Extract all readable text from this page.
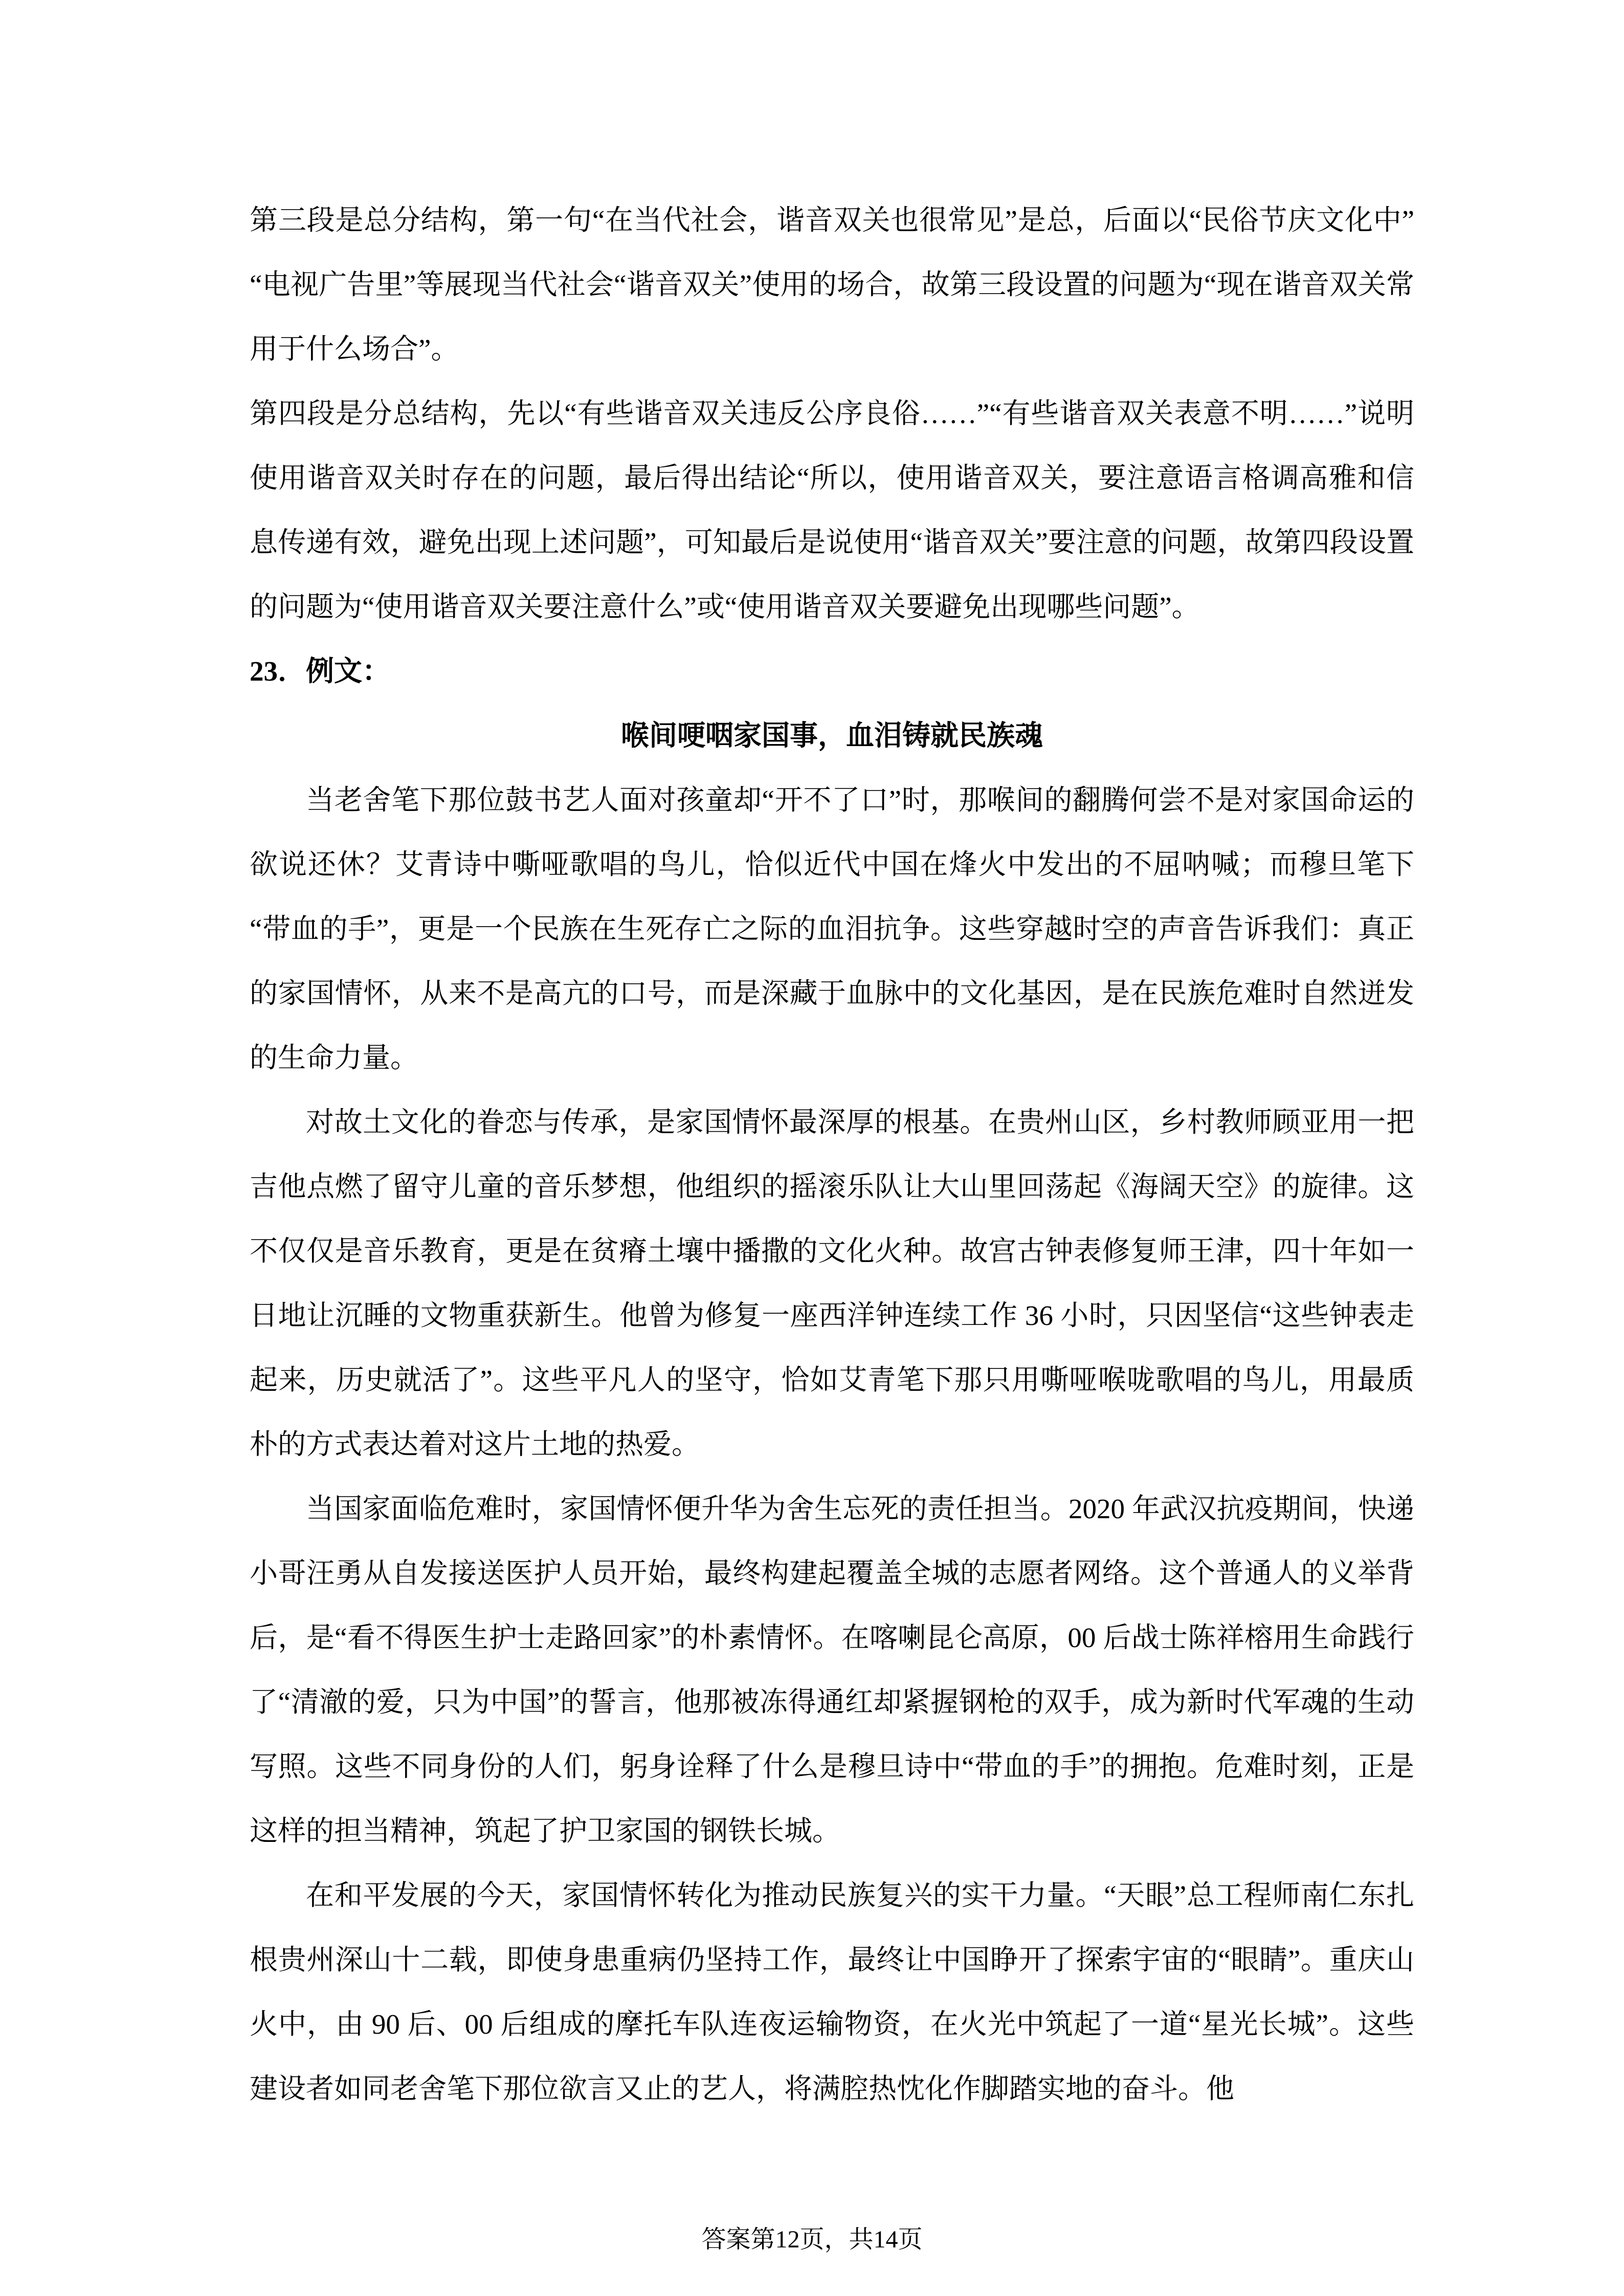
第三段是总分结构，第一句“在当代社会，谐音双关也很常见”是总，后面以“民俗节庆文化中”“电视广告里”等展现当代社会“谐音双关”使用的场合，故第三段设置的问题为“现在谐音双关常用于什么场合”。

第四段是分总结构，先以“有些谐音双关违反公序良俗……”“有些谐音双关表意不明……”说明使用谐音双关时存在的问题，最后得出结论“所以，使用谐音双关，要注意语言格调高雅和信息传递有效，避免出现上述问题”，可知最后是说使用“谐音双关”要注意的问题，故第四段设置的问题为“使用谐音双关要注意什么”或“使用谐音双关要避免出现哪些问题”。

23．例文：

喉间哽咽家国事，血泪铸就民族魂

当老舍笔下那位鼓书艺人面对孩童却“开不了口”时，那喉间的翻腾何尝不是对家国命运的欲说还休？艾青诗中嘶哑歌唱的鸟儿，恰似近代中国在烽火中发出的不屈呐喊；而穆旦笔下“带血的手”，更是一个民族在生死存亡之际的血泪抗争。这些穿越时空的声音告诉我们：真正的家国情怀，从来不是高亢的口号，而是深藏于血脉中的文化基因，是在民族危难时自然迸发的生命力量。

对故土文化的眷恋与传承，是家国情怀最深厚的根基。在贵州山区，乡村教师顾亚用一把吉他点燃了留守儿童的音乐梦想，他组织的摇滚乐队让大山里回荡起《海阔天空》的旋律。这不仅仅是音乐教育，更是在贫瘠土壤中播撒的文化火种。故宫古钟表修复师王津，四十年如一日地让沉睡的文物重获新生。他曾为修复一座西洋钟连续工作 36 小时，只因坚信“这些钟表走起来，历史就活了”。这些平凡人的坚守，恰如艾青笔下那只用嘶哑喉咙歌唱的鸟儿，用最质朴的方式表达着对这片土地的热爱。

当国家面临危难时，家国情怀便升华为舍生忘死的责任担当。2020 年武汉抗疫期间，快递小哥汪勇从自发接送医护人员开始，最终构建起覆盖全城的志愿者网络。这个普通人的义举背后，是“看不得医生护士走路回家”的朴素情怀。在喀喇昆仑高原，00 后战士陈祥榕用生命践行了“清澈的爱，只为中国”的誓言，他那被冻得通红却紧握钢枪的双手，成为新时代军魂的生动写照。这些不同身份的人们，躬身诠释了什么是穆旦诗中“带血的手”的拥抱。危难时刻，正是这样的担当精神，筑起了护卫家国的钢铁长城。

在和平发展的今天，家国情怀转化为推动民族复兴的实干力量。“天眼”总工程师南仁东扎根贵州深山十二载，即使身患重病仍坚持工作，最终让中国睁开了探索宇宙的“眼睛”。重庆山火中，由 90 后、00 后组成的摩托车队连夜运输物资，在火光中筑起了一道“星光长城”。这些建设者如同老舍笔下那位欲言又止的艺人，将满腔热忱化作脚踏实地的奋斗。他

答案第12页，共14页
